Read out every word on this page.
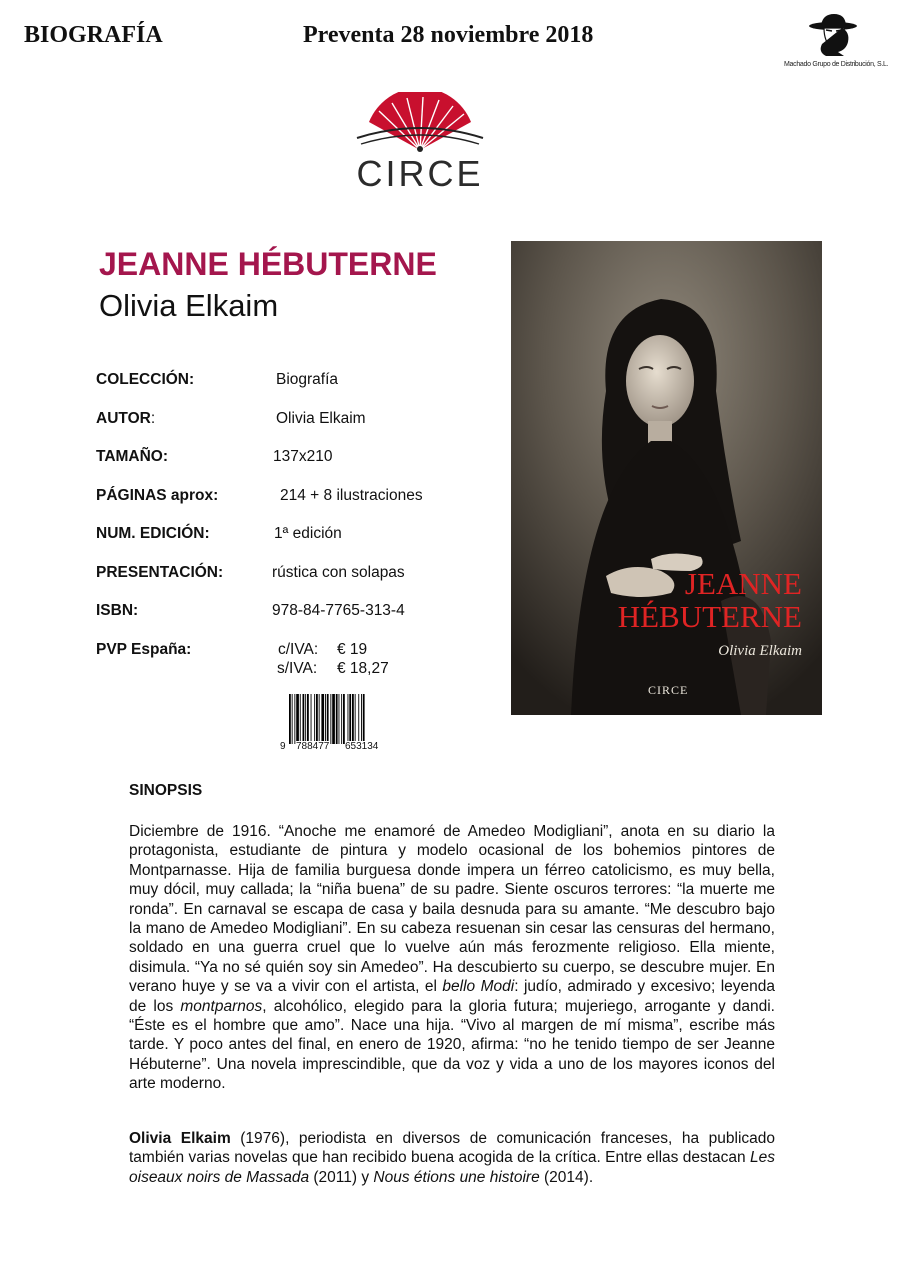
BIOGRAFÍA	Preventa 28 noviembre 2018
Machado Grupo de Distribución, S.L.
CIRCE
JEANNE HÉBUTERNE
Olivia Elkaim
COLECCIÓN:	Biografía
AUTOR:	Olivia Elkaim
TAMAÑO:	137x210
PÁGINAS aprox:	214 + 8 ilustraciones
NUM. EDICIÓN:	1ª edición
PRESENTACIÓN:	rústica con solapas
ISBN:	978-84-7765-313-4
PVP España:	c/IVA: € 19
s/IVA: € 18,27
9 788477 653134
JEANNE
HÉBUTERNE
Olivia Elkaim
CIRCE
SINOPSIS
Diciembre de 1916. “Anoche me enamoré de Amedeo Modigliani”, anota en su diario la protagonista, estudiante de pintura y modelo ocasional de los bohemios pintores de Montparnasse. Hija de familia burguesa donde impera un férreo catolicismo, es muy bella, muy dócil, muy callada; la “niña buena” de su padre. Siente oscuros terrores: “la muerte me ronda”. En carnaval se escapa de casa y baila desnuda para su amante. “Me descubro bajo la mano de Amedeo Modigliani”. En su cabeza resuenan sin cesar las censuras del hermano, soldado en una guerra cruel que lo vuelve aún más ferozmente religioso. Ella miente, disimula. “Ya no sé quién soy sin Amedeo”. Ha descubierto su cuerpo, se descubre mujer. En verano huye y se va a vivir con el artista, el bello Modi: judío, admirado y excesivo; leyenda de los montparnos, alcohólico, elegido para la gloria futura; mujeriego, arrogante y dandi. “Éste es el hombre que amo”. Nace una hija. “Vivo al margen de mí misma”, escribe más tarde. Y poco antes del final, en enero de 1920, afirma: “no he tenido tiempo de ser Jeanne Hébuterne”. Una novela imprescindible, que da voz y vida a uno de los mayores iconos del arte moderno.
Olivia Elkaim (1976), periodista en diversos de comunicación franceses, ha publicado también varias novelas que han recibido buena acogida de la crítica. Entre ellas destacan Les oiseaux noirs de Massada (2011) y Nous étions une histoire (2014).
